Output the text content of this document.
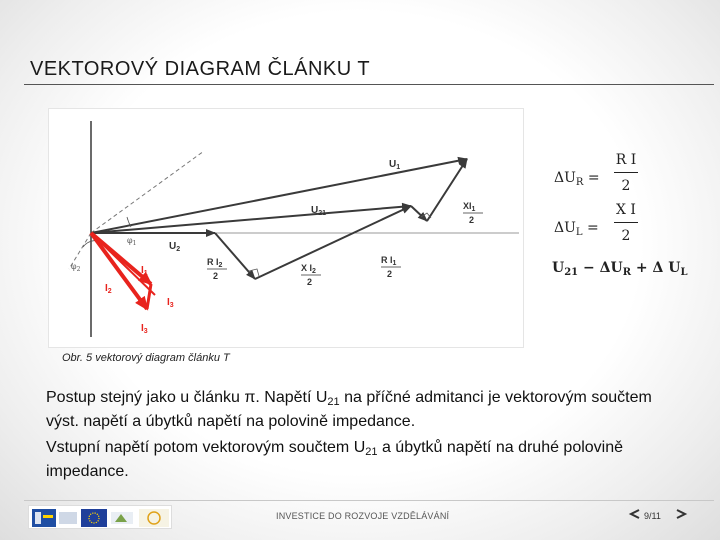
VEKTOROVÝ DIAGRAM ČLÁNKU T
$U_1$
$U_{21}$
$U_2$
R $I_2$
2
X $I_2$
2
R $I_1$
2
$XI_1$
2
$I_1$
$I_2$
$I_3$
$I_3$
$\varphi_1$
$\varphi_2$
Obr. 5 vektorový diagram článku T
$\Delta U_R$ =
R I
2
$\Delta U_L$ =
X I
2
$U_{21} - \Delta U_R + \Delta$ $U_L$
Postup stejný jako u článku π. Napětí $U_{21}$ na příčné admitanci je vektorovým součtem výst. napětí a úbytků napětí na polovině impedance.
Vstupní napětí potom vektorovým součtem $U_{21}$ a úbytků napětí na druhé polovině impedance.
INVESTICE DO ROZVOJE VZDĚLÁVÁNÍ	9/11
